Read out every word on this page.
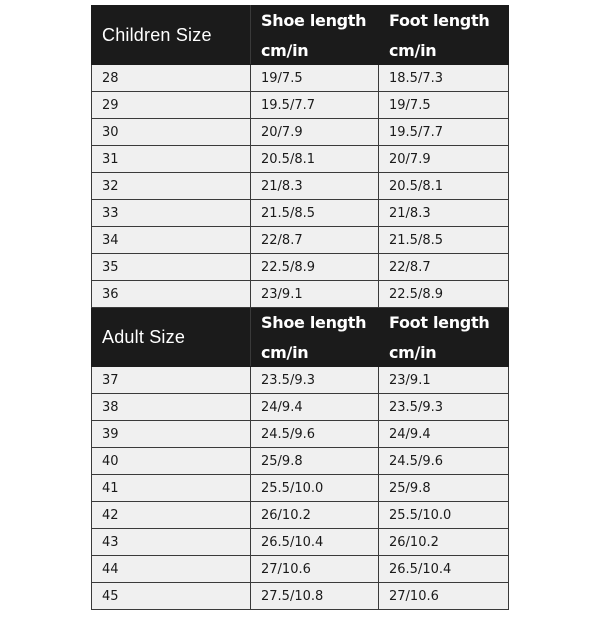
Children Size	Shoe length	Foot length
	cm/in	cm/in
28	19/7.5	18.5/7.3
29	19.5/7.7	19/7.5
30	20/7.9	19.5/7.7
31	20.5/8.1	20/7.9
32	21/8.3	20.5/8.1
33	21.5/8.5	21/8.3
34	22/8.7	21.5/8.5
35	22.5/8.9	22/8.7
36	23/9.1	22.5/8.9
Adult Size	Shoe length	Foot length
	cm/in	cm/in
37	23.5/9.3	23/9.1
38	24/9.4	23.5/9.3
39	24.5/9.6	24/9.4
40	25/9.8	24.5/9.6
41	25.5/10.0	25/9.8
42	26/10.2	25.5/10.0
43	26.5/10.4	26/10.2
44	27/10.6	26.5/10.4
45	27.5/10.8	27/10.6
